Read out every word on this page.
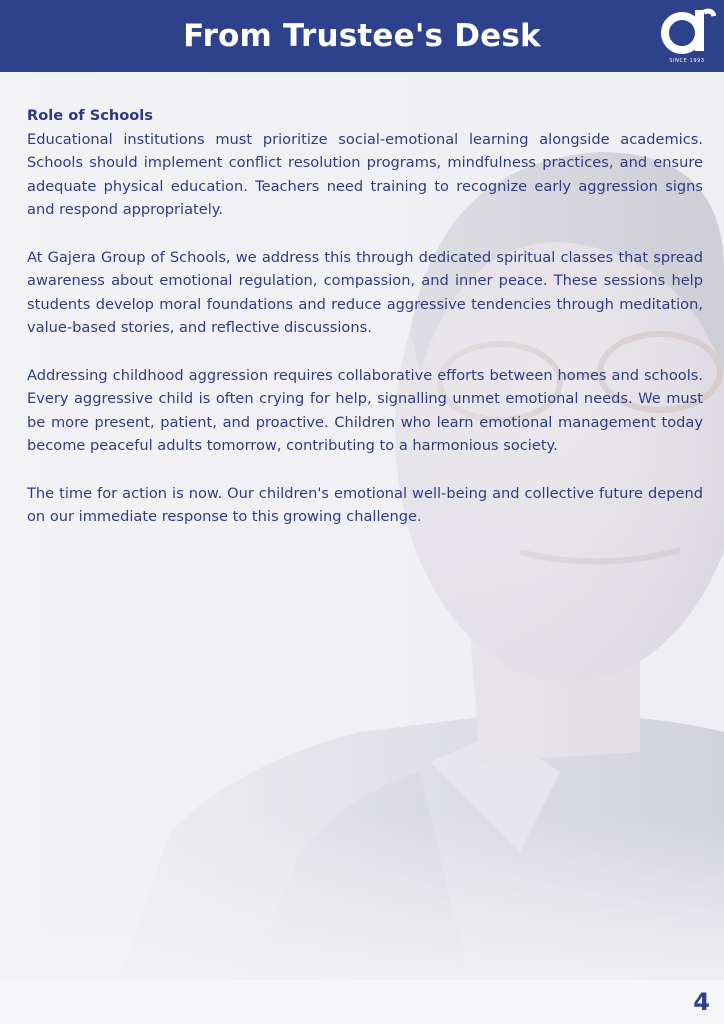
From Trustee's Desk
SINCE 1993

Role of Schools

Educational institutions must prioritize social-emotional learning alongside academics. Schools should implement conflict resolution programs, mindfulness practices, and ensure adequate physical education. Teachers need training to recognize early aggression signs and respond appropriately.

At Gajera Group of Schools, we address this through dedicated spiritual classes that spread awareness about emotional regulation, compassion, and inner peace. These sessions help students develop moral foundations and reduce aggressive tendencies through meditation, value-based stories, and reflective discussions.

Addressing childhood aggression requires collaborative efforts between homes and schools. Every aggressive child is often crying for help, signalling unmet emotional needs. We must be more present, patient, and proactive. Children who learn emotional management today become peaceful adults tomorrow, contributing to a harmonious society.

The time for action is now. Our children's emotional well-being and collective future depend on our immediate response to this growing challenge.

4
